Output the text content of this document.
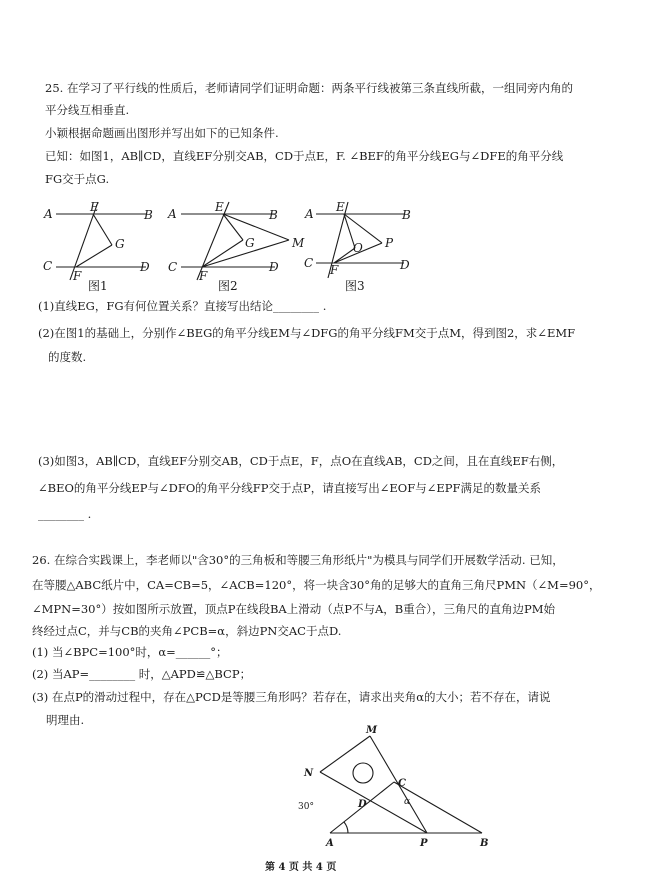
25. 在学习了平行线的性质后，老师请同学们证明命题：两条平行线被第三条直线所截，一组同旁内角的
平分线互相垂直.
小颖根据命题画出图形并写出如下的已知条件.
已知：如图1，AB∥CD，直线EF分别交AB，CD于点E，F. ∠BEF的角平分线EG与∠DFE的角平分线
FG交于点G.
A	B
E
G
C	D
F
图1
A	B
E
G	M
C	D
F
图2
A	B
E
O P
C	D
F
图3
(1)直线EG，FG有何位置关系？直接写出结论________ .
(2)在图1的基础上，分别作∠BEG的角平分线EM与∠DFG的角平分线FM交于点M，得到图2，求∠EMF
的度数.
(3)如图3，AB∥CD，直线EF分别交AB，CD于点E，F，点O在直线AB，CD之间，且在直线EF右侧，
∠BEO的角平分线EP与∠DFO的角平分线FP交于点P，请直接写出∠EOF与∠EPF满足的数量关系
________ .
26. 在综合实践课上，李老师以"含30°的三角板和等腰三角形纸片"为模具与同学们开展数学活动. 已知，
在等腰△ABC纸片中，CA=CB=5，∠ACB=120°，将一块含30°角的足够大的直角三角尺PMN（∠M=90°，
∠MPN=30°）按如图所示放置，顶点P在线段BA上滑动（点P不与A，B重合），三角尺的直角边PM始
终经过点C，并与CB的夹角∠PCB=α，斜边PN交AC于点D.
(1) 当∠BPC=100°时，α=______°；
(2) 当AP=________ 时，△APD≌△BCP；
(3) 在点P的滑动过程中，存在△PCD是等腰三角形吗？若存在，请求出夹角α的大小；若不存在，请说
明理由.
M
N
C
D	α
30°
A	P	B
第 4 页 共 4 页
